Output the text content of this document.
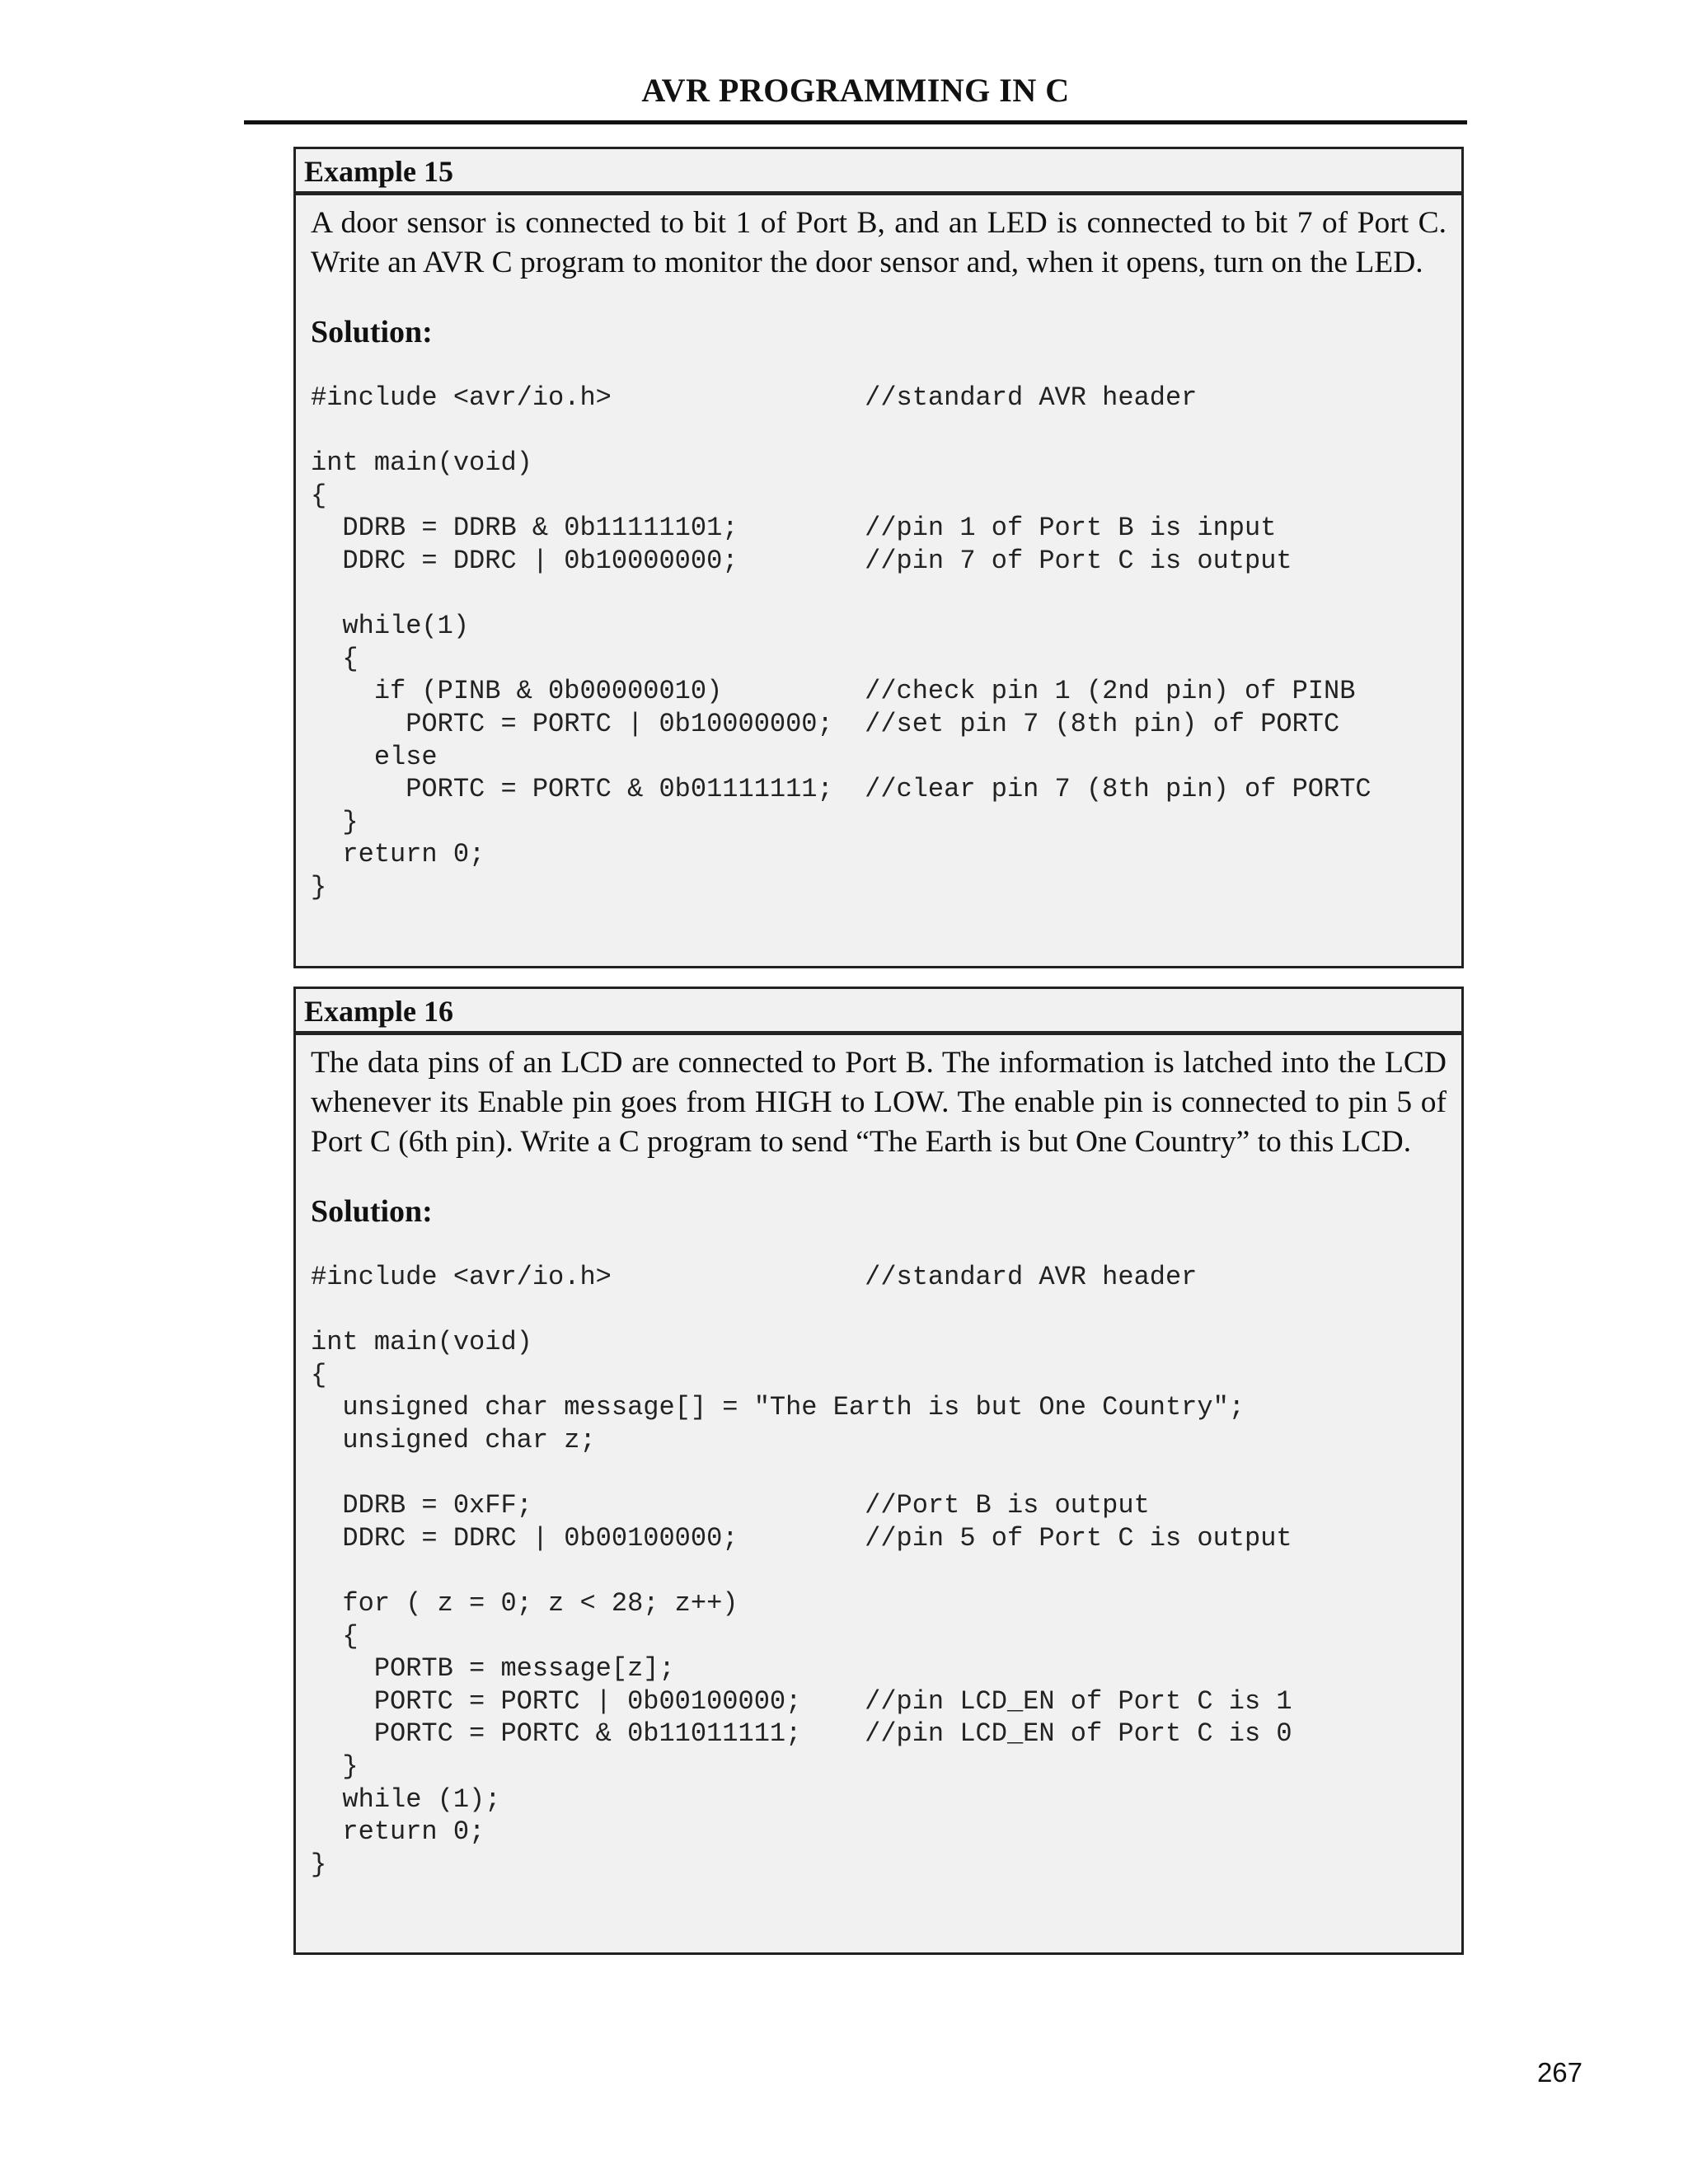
AVR PROGRAMMING IN C
Example 15

A door sensor is connected to bit 1 of Port B, and an LED is connected to bit 7 of Port C. Write an AVR C program to monitor the door sensor and, when it opens, turn on the LED.

Solution:

#include <avr/io.h>                //standard AVR header
int main(void)
{
DDRB = DDRB & 0b11111101;        //pin 1 of Port B is input
DDRC = DDRC | 0b10000000;        //pin 7 of Port C is output
while(1)
{
if (PINB & 0b00000010)         //check pin 1 (2nd pin) of PINB
PORTC = PORTC | 0b10000000;  //set pin 7 (8th pin) of PORTC
else
PORTC = PORTC & 0b01111111;  //clear pin 7 (8th pin) of PORTC
}
return 0;
}
Example 16

The data pins of an LCD are connected to Port B. The information is latched into the LCD whenever its Enable pin goes from HIGH to LOW. The enable pin is connected to pin 5 of Port C (6th pin). Write a C program to send “The Earth is but One Country” to this LCD.

Solution:

#include <avr/io.h>                //standard AVR header
int main(void)
{
unsigned char message[] = "The Earth is but One Country";
unsigned char z;
DDRB = 0xFF;                     //Port B is output
DDRC = DDRC | 0b00100000;        //pin 5 of Port C is output
for ( z = 0; z < 28; z++)
{
PORTB = message[z];
PORTC = PORTC | 0b00100000;    //pin LCD_EN of Port C is 1
PORTC = PORTC & 0b11011111;    //pin LCD_EN of Port C is 0
}
while (1);
return 0;
}
267
